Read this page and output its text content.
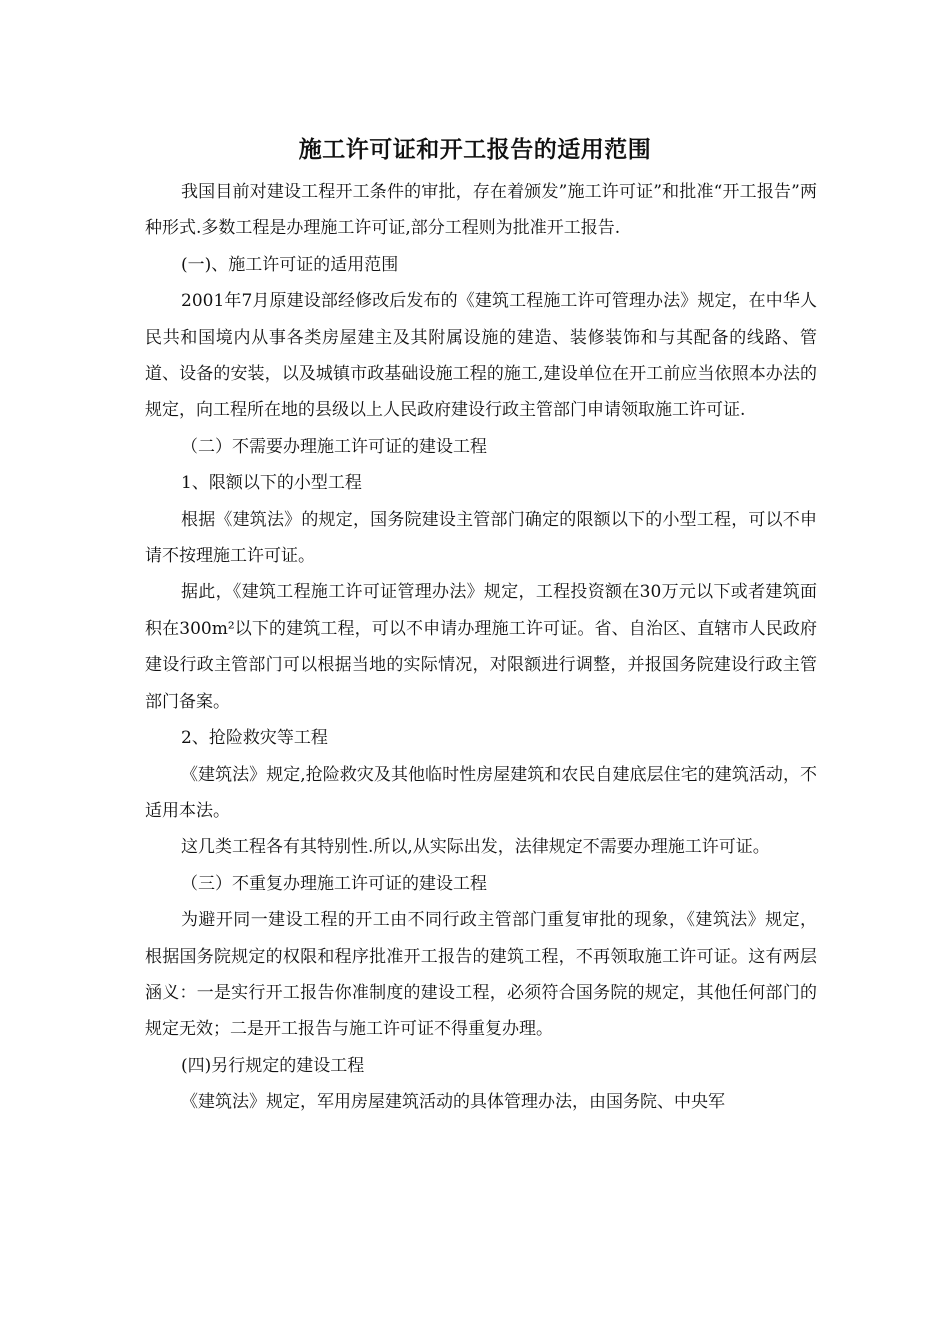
施工许可证和开工报告的适用范围

我国目前对建设工程开工条件的审批，存在着颁发”施工许可证”和批准“开工报告”两种形式.多数工程是办理施工许可证,部分工程则为批准开工报告.

(一)、施工许可证的适用范围

2001年7月原建设部经修改后发布的《建筑工程施工许可管理办法》规定，在中华人民共和国境内从事各类房屋建主及其附属设施的建造、装修装饰和与其配备的线路、管道、设备的安装，以及城镇市政基础设施工程的施工,建设单位在开工前应当依照本办法的规定，向工程所在地的县级以上人民政府建设行政主管部门申请领取施工许可证.

（二）不需要办理施工许可证的建设工程

1、限额以下的小型工程

根据《建筑法》的规定，国务院建设主管部门确定的限额以下的小型工程，可以不申请不按理施工许可证。

据此，《建筑工程施工许可证管理办法》规定，工程投资额在30万元以下或者建筑面积在300m²以下的建筑工程，可以不申请办理施工许可证。省、自治区、直辖市人民政府建设行政主管部门可以根据当地的实际情况，对限额进行调整，并报国务院建设行政主管部门备案。

2、抢险救灾等工程

《建筑法》规定,抢险救灾及其他临时性房屋建筑和农民自建底层住宅的建筑活动，不适用本法。

这几类工程各有其特别性.所以,从实际出发，法律规定不需要办理施工许可证。

（三）不重复办理施工许可证的建设工程

为避开同一建设工程的开工由不同行政主管部门重复审批的现象，《建筑法》规定，根据国务院规定的权限和程序批准开工报告的建筑工程，不再领取施工许可证。这有两层涵义：一是实行开工报告你准制度的建设工程，必须符合国务院的规定，其他任何部门的规定无效；二是开工报告与施工许可证不得重复办理。

(四)另行规定的建设工程

《建筑法》规定，军用房屋建筑活动的具体管理办法，由国务院、中央军
